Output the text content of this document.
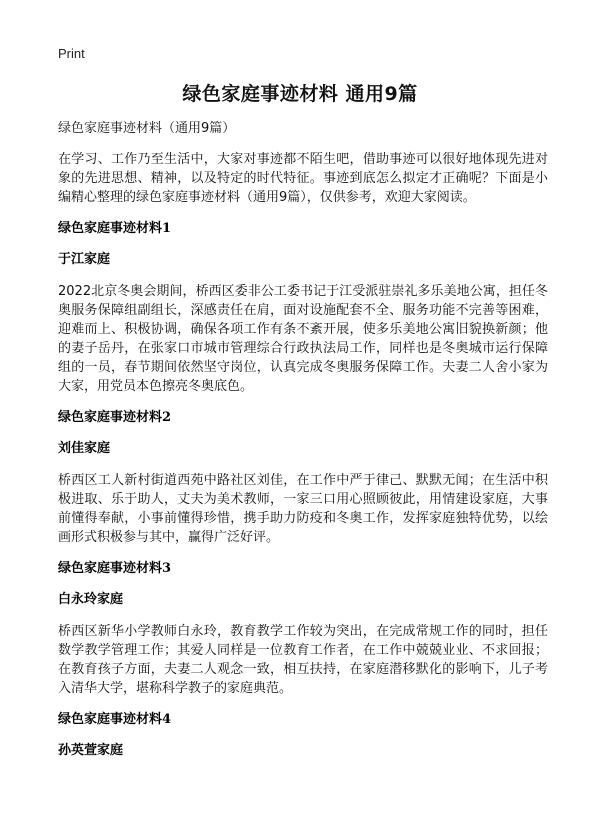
Print
绿色家庭事迹材料 通用9篇

绿色家庭事迹材料（通用9篇）

在学习、工作乃至生活中，大家对事迹都不陌生吧，借助事迹可以很好地体现先进对象的先进思想、精神，以及特定的时代特征。事迹到底怎么拟定才正确呢？下面是小编精心整理的绿色家庭事迹材料（通用9篇），仅供参考，欢迎大家阅读。

绿色家庭事迹材料1

于江家庭

2022北京冬奥会期间，桥西区委非公工委书记于江受派驻崇礼多乐美地公寓，担任冬奥服务保障组副组长，深感责任在肩，面对设施配套不全、服务功能不完善等困难，迎难而上、积极协调，确保各项工作有条不紊开展，使多乐美地公寓旧貌换新颜；他的妻子岳丹，在张家口市城市管理综合行政执法局工作，同样也是冬奥城市运行保障组的一员，春节期间依然坚守岗位，认真完成冬奥服务保障工作。夫妻二人舍小家为大家，用党员本色擦亮冬奥底色。

绿色家庭事迹材料2

刘佳家庭

桥西区工人新村街道西苑中路社区刘佳，在工作中严于律己、默默无闻；在生活中积极进取、乐于助人，丈夫为美术教师，一家三口用心照顾彼此，用情建设家庭，大事前懂得奉献，小事前懂得珍惜，携手助力防疫和冬奥工作，发挥家庭独特优势，以绘画形式积极参与其中，赢得广泛好评。

绿色家庭事迹材料3

白永玲家庭

桥西区新华小学教师白永玲，教育教学工作较为突出，在完成常规工作的同时，担任数学教学管理工作；其爱人同样是一位教育工作者，在工作中兢兢业业、不求回报；在教育孩子方面，夫妻二人观念一致，相互扶持，在家庭潜移默化的影响下，儿子考入清华大学，堪称科学教子的家庭典范。

绿色家庭事迹材料4

孙英萱家庭
